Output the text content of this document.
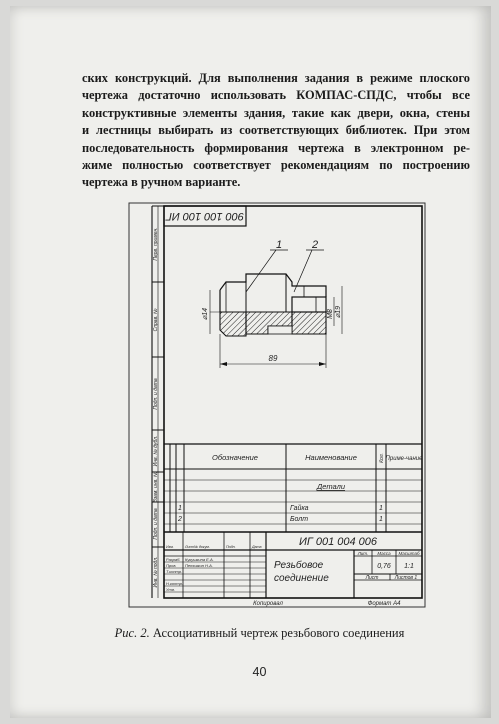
ских конструкций. Для выполнения задания в режиме плоского
чертежа достаточно использовать КОМПАС-СПДС, чтобы все
конструктивные элементы здания, такие как двери, окна, стены
и лестницы выбирать из соответствующих библиотек. При этом
последовательность формирования чертежа в электронном ре-
жиме полностью соответствует рекомендациям по построению
чертежа в ручном варианте.
900 100 100 ИГ
Перв. примен.
Справ. №
Подп. и дата
Инв. № дубл.
Взам. инв. №
Подп. и дата
Инв. № подл.
1	2
⌀14	М8 ⌀19
89
Обозначение	Наименование	Кол. Приме-чание
Детали
1	Гайка	1
2	Болт	1
ИГ 001 004 006
Резьбовое
соединение
Лит. Масса Масштаб
0,76 1:1
Лист	Листов 1
Изм.	Лист № докум.	Подп.	Дата
Разраб. Кукушкина Е.А.
Пров. Петьякин Н.А.
Т.контр.
Н.контр.
Утв.
Копировал	Формат А4
Рис. 2. Ассоциативный чертеж резьбового соединения
40
